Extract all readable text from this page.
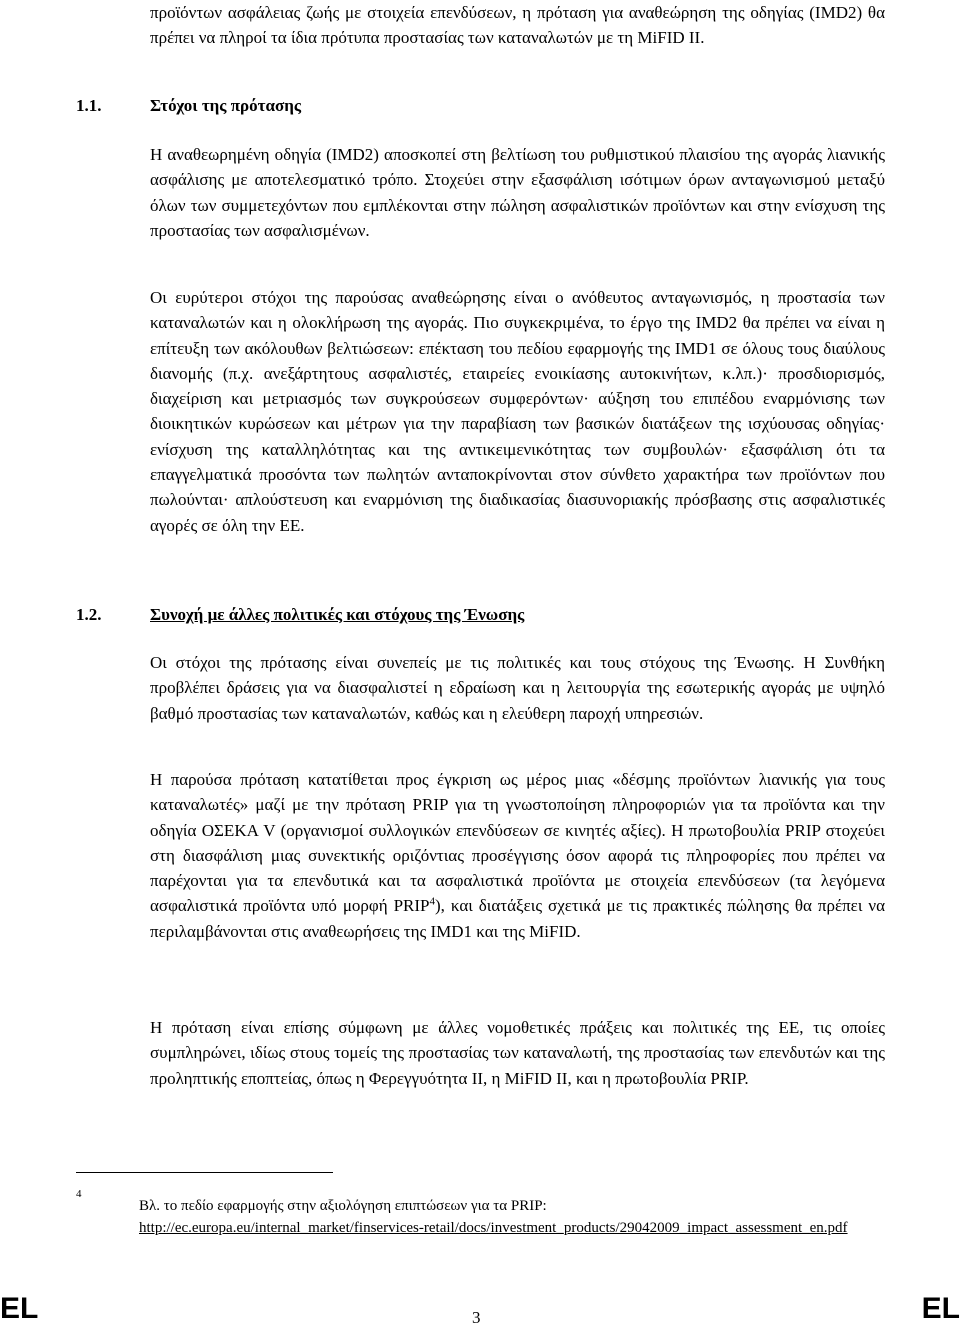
προϊόντων ασφάλειας ζωής με στοιχεία επενδύσεων, η πρόταση για αναθεώρηση της οδηγίας (IMD2) θα πρέπει να πληροί τα ίδια πρότυπα προστασίας των καταναλωτών με τη MiFID II.

1.1.	Στόχοι της πρότασης

Η αναθεωρημένη οδηγία (IMD2) αποσκοπεί στη βελτίωση του ρυθμιστικού πλαισίου της αγοράς λιανικής ασφάλισης με αποτελεσματικό τρόπο. Στοχεύει στην εξασφάλιση ισότιμων όρων ανταγωνισμού μεταξύ όλων των συμμετεχόντων που εμπλέκονται στην πώληση ασφαλιστικών προϊόντων και στην ενίσχυση της προστασίας των ασφαλισμένων.

Οι ευρύτεροι στόχοι της παρούσας αναθεώρησης είναι ο ανόθευτος ανταγωνισμός, η προστασία των καταναλωτών και η ολοκλήρωση της αγοράς. Πιο συγκεκριμένα, το έργο της IMD2 θα πρέπει να είναι η επίτευξη των ακόλουθων βελτιώσεων: επέκταση του πεδίου εφαρμογής της IMD1 σε όλους τους διαύλους διανομής (π.χ. ανεξάρτητους ασφαλιστές, εταιρείες ενοικίασης αυτοκινήτων, κ.λπ.)· προσδιορισμός, διαχείριση και μετριασμός των συγκρούσεων συμφερόντων· αύξηση του επιπέδου εναρμόνισης των διοικητικών κυρώσεων και μέτρων για την παραβίαση των βασικών διατάξεων της ισχύουσας οδηγίας· ενίσχυση της καταλληλότητας και της αντικειμενικότητας των συμβουλών· εξασφάλιση ότι τα επαγγελματικά προσόντα των πωλητών ανταποκρίνονται στον σύνθετο χαρακτήρα των προϊόντων που πωλούνται· απλούστευση και εναρμόνιση της διαδικασίας διασυνοριακής πρόσβασης στις ασφαλιστικές αγορές σε όλη την ΕΕ.

1.2.	Συνοχή με άλλες πολιτικές και στόχους της Ένωσης

Οι στόχοι της πρότασης είναι συνεπείς με τις πολιτικές και τους στόχους της Ένωσης. Η Συνθήκη προβλέπει δράσεις για να διασφαλιστεί η εδραίωση και η λειτουργία της εσωτερικής αγοράς με υψηλό βαθμό προστασίας των καταναλωτών, καθώς και η ελεύθερη παροχή υπηρεσιών.

Η παρούσα πρόταση κατατίθεται προς έγκριση ως μέρος μιας «δέσμης προϊόντων λιανικής για τους καταναλωτές» μαζί με την πρόταση PRIP για τη γνωστοποίηση πληροφοριών για τα προϊόντα και την οδηγία ΟΣΕΚΑ V (οργανισμοί συλλογικών επενδύσεων σε κινητές αξίες). Η πρωτοβουλία PRIP στοχεύει στη διασφάλιση μιας συνεκτικής οριζόντιας προσέγγισης όσον αφορά τις πληροφορίες που πρέπει να παρέχονται για τα επενδυτικά και τα ασφαλιστικά προϊόντα με στοιχεία επενδύσεων (τα λεγόμενα ασφαλιστικά προϊόντα υπό μορφή PRIP$^4$), και διατάξεις σχετικά με τις πρακτικές πώλησης θα πρέπει να περιλαμβάνονται στις αναθεωρήσεις της IMD1 και της MiFID.

Η πρόταση είναι επίσης σύμφωνη με άλλες νομοθετικές πράξεις και πολιτικές της ΕΕ, τις οποίες συμπληρώνει, ιδίως στους τομείς της προστασίας των καταναλωτή, της προστασίας των επενδυτών και της προληπτικής εποπτείας, όπως η Φερεγγυότητα II, η MiFID II, και η πρωτοβουλία PRIP.

4
Βλ. το πεδίο εφαρμογής στην αξιολόγηση επιπτώσεων για τα PRIP:
http://ec.europa.eu/internal_market/finservices-retail/docs/investment_products/29042009_impact_assessment_en.pdf
EL	3	EL
